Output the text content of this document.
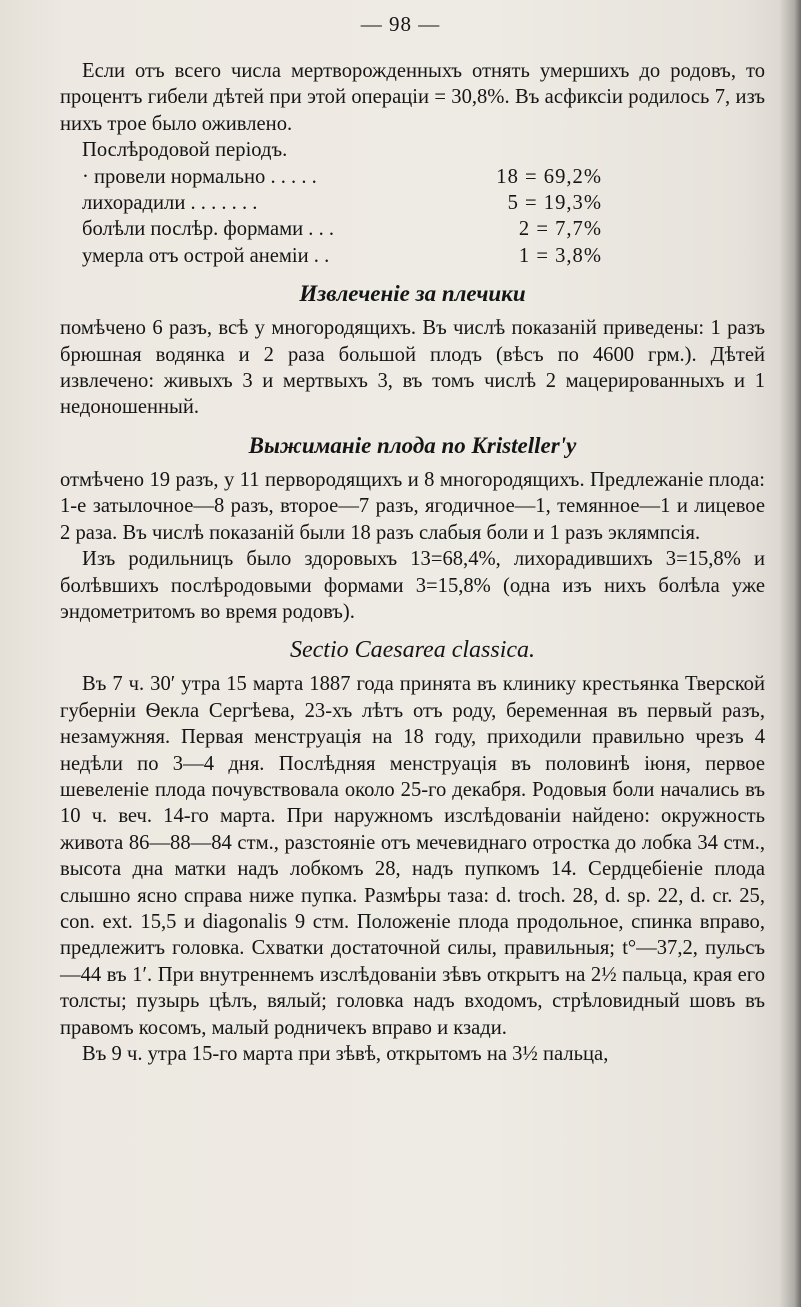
— 98 —

Если отъ всего числа мертворожденныхъ отнять умершихъ до родовъ, то процентъ гибели дѣтей при этой операціи = 30,8%. Въ асфиксіи родилось 7, изъ нихъ трое было оживлено.

Послѣродовой періодъ.

· провели нормально . . . . .	18 = 69,2%
лихорадили . . . . . . .	5 = 19,3%
болѣли послѣр. формами . . .	2 = 7,7%
умерла отъ острой анеміи . .	1 = 3,8%
Извлеченіе за плечики

помѣчено 6 разъ, всѣ у многородящихъ. Въ числѣ показаній приведены: 1 разъ брюшная водянка и 2 раза большой плодъ (вѣсъ по 4600 грм.). Дѣтей извлечено: живыхъ 3 и мертвыхъ 3, въ томъ числѣ 2 мацерированныхъ и 1 недоношенный.

Выжиманіе плода по Kristeller'у

отмѣчено 19 разъ, у 11 первородящихъ и 8 многородящихъ. Предлежаніе плода: 1-е затылочное—8 разъ, второе—7 разъ, ягодичное—1, темянное—1 и лицевое 2 раза. Въ числѣ показаній были 18 разъ слабыя боли и 1 разъ эклямпсія.

Изъ родильницъ было здоровыхъ 13=68,4%, лихорадившихъ 3=15,8% и болѣвшихъ послѣродовыми формами 3=15,8% (одна изъ нихъ болѣла уже эндометритомъ во время родовъ).

Sectio Caesarea classica.

Въ 7 ч. 30′ утра 15 марта 1887 года принята въ клинику крестьянка Тверской губерніи Ѳекла Сергѣева, 23-хъ лѣтъ отъ роду, беременная въ первый разъ, незамужняя. Первая менструація на 18 году, приходили правильно чрезъ 4 недѣли по 3—4 дня. Послѣдняя менструація въ половинѣ іюня, первое шевеленіе плода почувствовала около 25-го декабря. Родовыя боли начались въ 10 ч. веч. 14-го марта. При наружномъ изслѣдованіи найдено: окружность живота 86—88—84 стм., разстояніе отъ мечевиднаго отростка до лобка 34 стм., высота дна матки надъ лобкомъ 28, надъ пупкомъ 14. Сердцебіеніе плода слышно ясно справа ниже пупка. Размѣры таза: d. troch. 28, d. sp. 22, d. cr. 25, con. ext. 15,5 и diagonalis 9 стм. Положеніе плода продольное, спинка вправо, предлежитъ головка. Схватки достаточной силы, правильныя; t°—37,2, пульсъ—44 въ 1′. При внутреннемъ изслѣдованіи зѣвъ открытъ на 2½ пальца, края его толсты; пузырь цѣлъ, вялый; головка надъ входомъ, стрѣловидный шовъ въ правомъ косомъ, малый родничекъ вправо и кзади.

Въ 9 ч. утра 15-го марта при зѣвѣ, открытомъ на 3½ пальца,
